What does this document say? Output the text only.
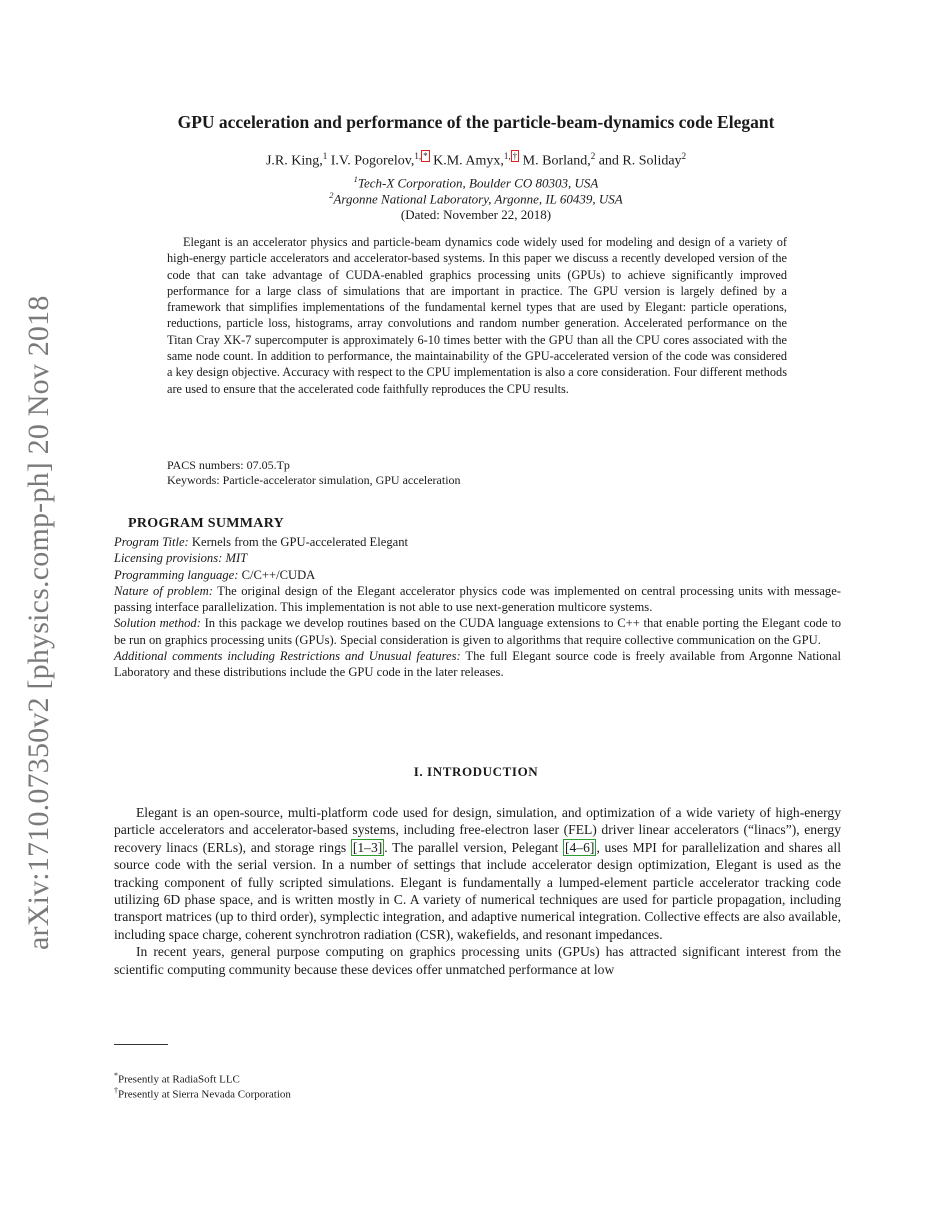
arXiv:1710.07350v2 [physics.comp-ph] 20 Nov 2018
GPU acceleration and performance of the particle-beam-dynamics code Elegant
J.R. King,$^1$ I.V. Pogorelov,$^{1, *}$ K.M. Amyx,$^{1, \dagger}$ M. Borland,$^2$ and R. Soliday$^2$
$^1$Tech-X Corporation, Boulder CO 80303, USA
$^2$Argonne National Laboratory, Argonne, IL 60439, USA
(Dated: November 22, 2018)

Elegant is an accelerator physics and particle-beam dynamics code widely used for modeling and design of a variety of high-energy particle accelerators and accelerator-based systems. In this paper we discuss a recently developed version of the code that can take advantage of CUDA-enabled graphics processing units (GPUs) to achieve significantly improved performance for a large class of simulations that are important in practice. The GPU version is largely defined by a framework that simplifies implementations of the fundamental kernel types that are used by Elegant: particle operations, reductions, particle loss, histograms, array convolutions and random number generation. Accelerated performance on the Titan Cray XK-7 supercomputer is approximately 6-10 times better with the GPU than all the CPU cores associated with the same node count. In addition to performance, the maintainability of the GPU-accelerated version of the code was considered a key design objective. Accuracy with respect to the CPU implementation is also a core consideration. Four different methods are used to ensure that the accelerated code faithfully reproduces the CPU results.

PACS numbers: 07.05.Tp
Keywords: Particle-accelerator simulation, GPU acceleration
PROGRAM SUMMARY

Program Title: Kernels from the GPU-accelerated Elegant

Licensing provisions: MIT

Programming language: C/C++/CUDA

Nature of problem: The original design of the Elegant accelerator physics code was implemented on central processing units with message-passing interface parallelization. This implementation is not able to use next-generation multicore systems.

Solution method: In this package we develop routines based on the CUDA language extensions to C++ that enable porting the Elegant code to be run on graphics processing units (GPUs). Special consideration is given to algorithms that require collective communication on the GPU.

Additional comments including Restrictions and Unusual features: The full Elegant source code is freely available from Argonne National Laboratory and these distributions include the GPU code in the later releases.

I. INTRODUCTION

Elegant is an open-source, multi-platform code used for design, simulation, and optimization of a wide variety of high-energy particle accelerators and accelerator-based systems, including free-electron laser (FEL) driver linear accelerators (“linacs”), energy recovery linacs (ERLs), and storage rings [1–3] . The parallel version, Pelegant [4–6] , uses MPI for parallelization and shares all source code with the serial version. In a number of settings that include accelerator design optimization, Elegant is used as the tracking component of fully scripted simulations. Elegant is fundamentally a lumped-element particle accelerator tracking code utilizing 6D phase space, and is written mostly in C. A variety of numerical techniques are used for particle propagation, including transport matrices (up to third order), symplectic integration, and adaptive numerical integration. Collective effects are also available, including space charge, coherent synchrotron radiation (CSR), wakefields, and resonant impedances.

In recent years, general purpose computing on graphics processing units (GPUs) has attracted significant interest from the scientific computing community because these devices offer unmatched performance at low

*Presently at RadiaSoft LLC
†Presently at Sierra Nevada Corporation
